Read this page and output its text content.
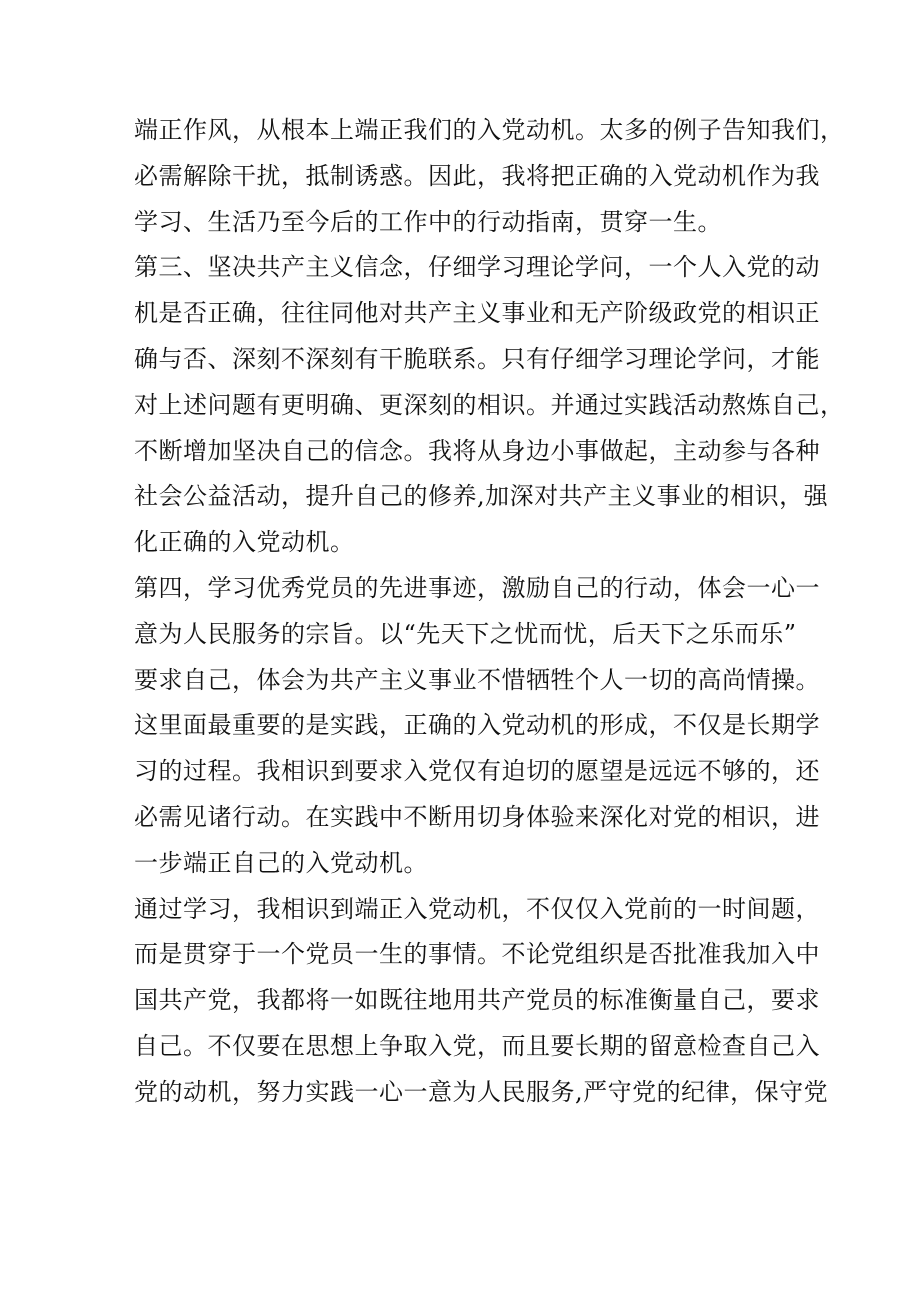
端正作风，从根本上端正我们的入党动机。太多的例子告知我们，
必需解除干扰，抵制诱惑。因此，我将把正确的入党动机作为我
学习、生活乃至今后的工作中的行动指南，贯穿一生。
第三、坚决共产主义信念，仔细学习理论学问，一个人入党的动
机是否正确，往往同他对共产主义事业和无产阶级政党的相识正
确与否、深刻不深刻有干脆联系。只有仔细学习理论学问，才能
对上述问题有更明确、更深刻的相识。并通过实践活动熬炼自己，
不断增加坚决自己的信念。我将从身边小事做起，主动参与各种
社会公益活动，提升自己的修养,加深对共产主义事业的相识，强
化正确的入党动机。
第四，学习优秀党员的先进事迹，激励自己的行动，体会一心一
意为人民服务的宗旨。以“先天下之忧而忧，后天下之乐而乐”
要求自己，体会为共产主义事业不惜牺牲个人一切的高尚情操。
这里面最重要的是实践，正确的入党动机的形成，不仅是长期学
习的过程。我相识到要求入党仅有迫切的愿望是远远不够的，还
必需见诸行动。在实践中不断用切身体验来深化对党的相识，进
一步端正自己的入党动机。
通过学习，我相识到端正入党动机，不仅仅入党前的一时间题，
而是贯穿于一个党员一生的事情。不论党组织是否批准我加入中
国共产党，我都将一如既往地用共产党员的标准衡量自己，要求
自己。不仅要在思想上争取入党，而且要长期的留意检查自己入
党的动机，努力实践一心一意为人民服务,严守党的纪律，保守党
